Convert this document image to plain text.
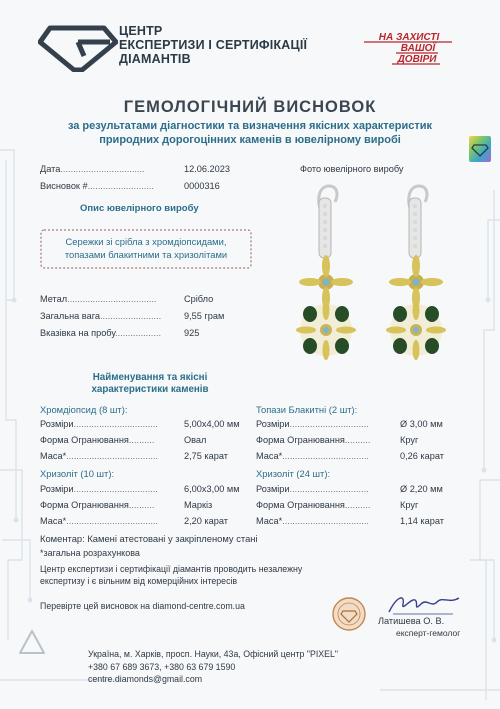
ЦЕНТР
ЕКСПЕРТИЗИ І СЕРТИФІКАЦІЇ
ДІАМАНТІВ
НА ЗАХИСТІ
ВАШОЇ
ДОВІРИ
ГЕМОЛОГІЧНИЙ ВИСНОВОК
за результатами діагностики та визначення якісних характеристик
природних дорогоцінних каменів в ювелірному виробі
Дата.................................	12.06.2023
Висновок #..........................	0000316
Опис ювелірного виробу
Сережки зі срібла з хромдіопсидами,
топазами блакитними та хризолітами
Фото ювелірного виробу
Метал...................................	Срібло
Загальна вага........................ 9,55 грам
Вказівка на пробу..................	925
Найменування та якісні
характеристики каменів
Хромдіопсид (8 шт):
Розміри.................................	5,00х4,00 мм
Форма Огранювання..........	Овал
Маса*....................................	2,75 карат
Хризоліт (10 шт):
Розміри.................................	6,00х3,00 мм
Форма Огранювання..........	Маркіз
Маса*....................................	2,20 карат
Топази Блакитні (2 шт):
Розміри...............................	Ø 3,00 мм
Форма Огранювання..........	Круг
Маса*..................................	0,26 карат
Хризоліт (24 шт):
Розміри...............................	Ø 2,20 мм
Форма Огранювання..........	Круг
Маса*..................................	1,14 карат
Коментар: Камені атестовані у закріпленому стані
*загальна розрахункова
Центр експертизи і сертифікації діамантів проводить незалежну
експертизу і є вільним від комерційних інтересів
Перевірте цей висновок на diamond-centre.com.ua
Латишева О. В.
експерт-гемолог
Україна, м. Харків, просп. Науки, 43а, Офісний центр "PIXEL"
+380 67 689 3673, +380 63 679 1590
centre.diamonds@gmail.com
